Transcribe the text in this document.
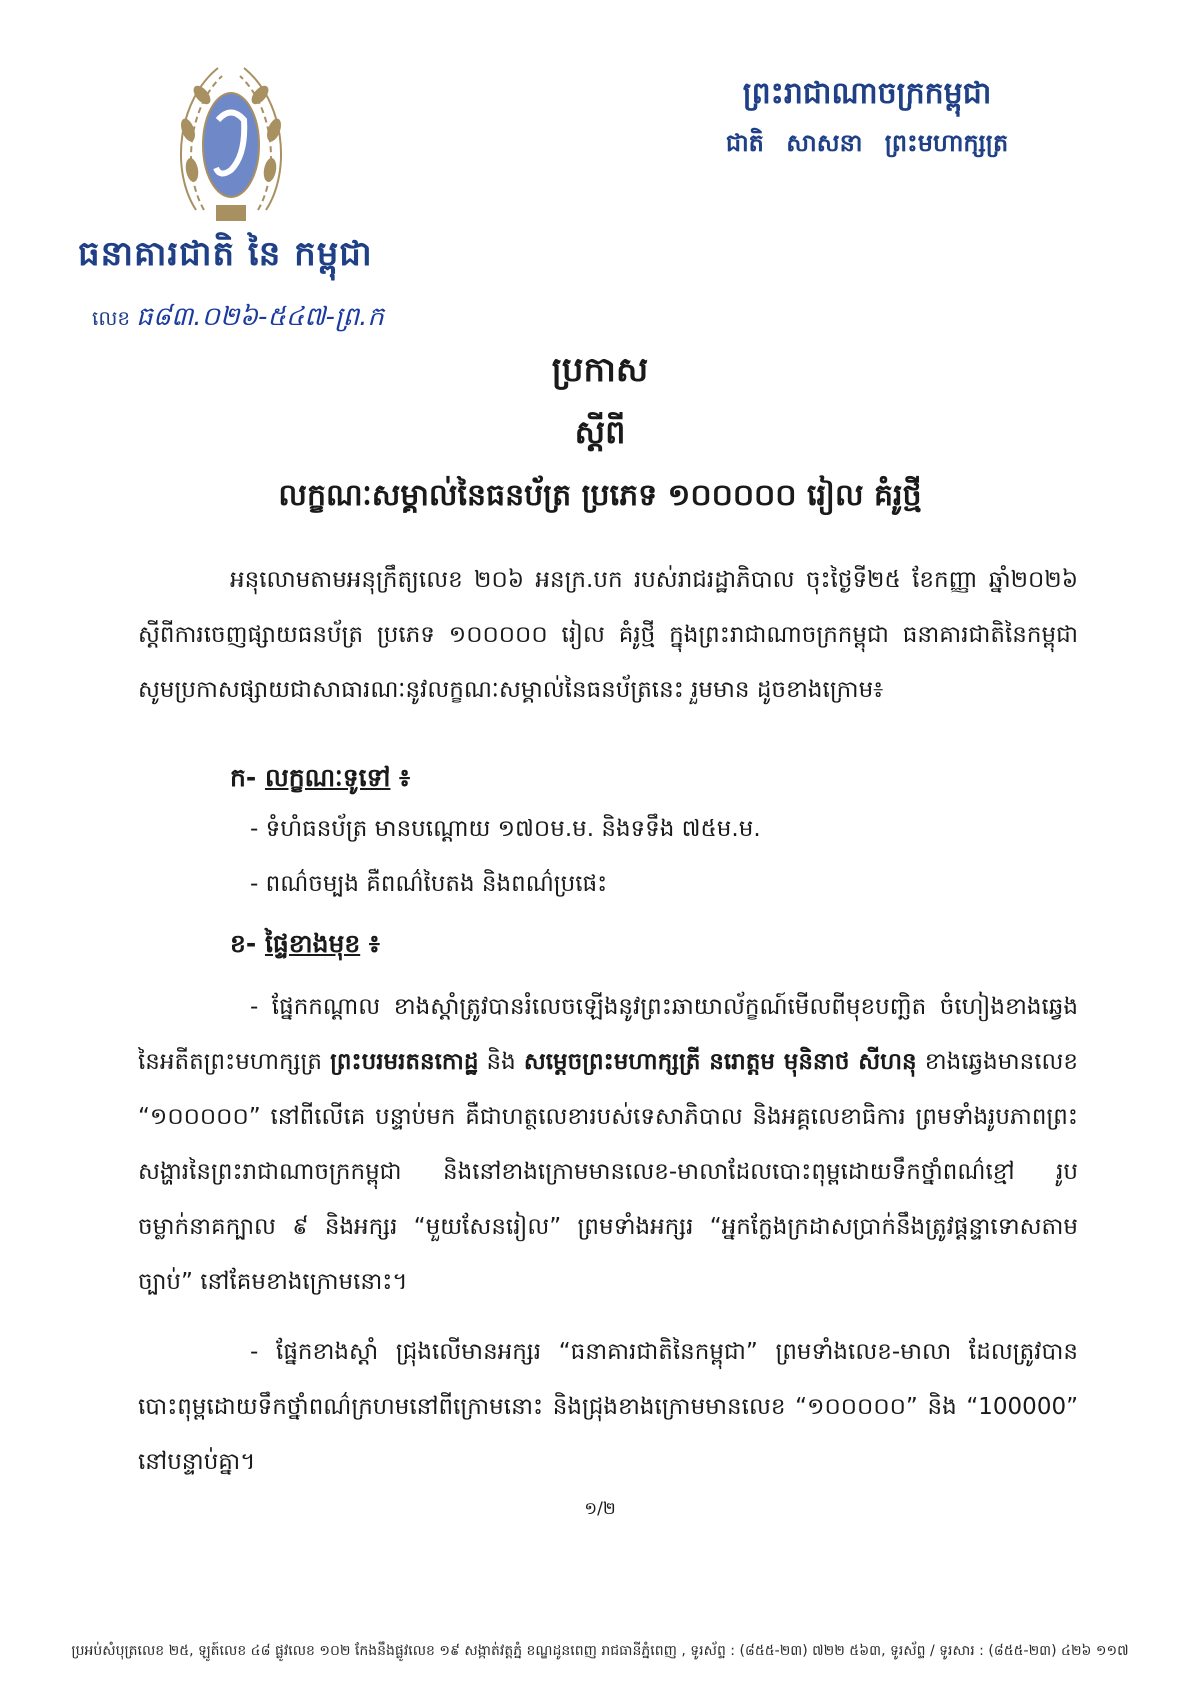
ធនាគារជាតិ នៃ កម្ពុជា
លេខ ធ៨៣.០២៦-៥៤៧-ព្រ.ក
ព្រះរាជាណាចក្រកម្ពុជា
ជាតិ សាសនា ព្រះមហាក្សត្រ
ប្រកាស
ស្តីពី
លក្ខណៈសម្គាល់នៃធនប័ត្រ ប្រភេទ ១០០០០០ រៀល គំរូថ្មី
អនុលោមតាមអនុក្រឹត្យលេខ ២០៦ អនក្រ.បក របស់រាជរដ្ឋាភិបាល ចុះថ្ងៃទី២៥ ខែកញ្ញា ឆ្នាំ២០២៦ ស្តីពីការចេញផ្សាយធនប័ត្រ ប្រភេទ ១០០០០០ រៀល គំរូថ្មី ក្នុងព្រះរាជាណាចក្រកម្ពុជា ធនាគារជាតិនៃកម្ពុជា សូមប្រកាសផ្សាយជាសាធារណៈនូវលក្ខណៈសម្គាល់នៃធនប័ត្រនេះ រួមមាន ដូចខាងក្រោម៖
ក- លក្ខណៈទូទៅ ៖
- ទំហំធនប័ត្រ មានបណ្តោយ ១៧០ម.ម. និងទទឹង ៧៥ម.ម.
- ពណ៌ចម្បង គឺពណ៌បៃតង និងពណ៌ប្រផេះ
ខ- ផ្ទៃខាងមុខ ៖
- ផ្នែកកណ្តាល ខាងស្តាំត្រូវបានរំលេចឡើងនូវព្រះឆាយាល័ក្ខណ៍មើលពីមុខបញ្ឆិត ចំហៀងខាងឆ្វេងនៃអតីតព្រះមហាក្សត្រ ព្រះបរមរតនកោដ្ឋ និង សម្តេចព្រះមហាក្សត្រី នរោត្តម មុនិនាថ សីហនុ ខាងឆ្វេងមានលេខ “១០០០០០” នៅពីលើគេ បន្ទាប់មក គឺជាហត្ថលេខារបស់ទេសាភិបាល និងអគ្គលេខាធិការ ព្រមទាំងរូបភាពព្រះសង្ហារនៃព្រះរាជាណាចក្រកម្ពុជា និងនៅខាងក្រោមមានលេខ-មាលាដែលបោះពុម្ពដោយទឹកថ្នាំពណ៌ខ្មៅ រូបចម្លាក់នាគក្បាល ៩ និងអក្សរ “មួយសែនរៀល” ព្រមទាំងអក្សរ “អ្នកក្លែងក្រដាសប្រាក់នឹងត្រូវផ្តន្ទាទោសតាមច្បាប់” នៅគែមខាងក្រោមនោះ។
- ផ្នែកខាងស្តាំ ជ្រុងលើមានអក្សរ “ធនាគារជាតិនៃកម្ពុជា” ព្រមទាំងលេខ-មាលា ដែលត្រូវបានបោះពុម្ពដោយទឹកថ្នាំពណ៌ក្រហមនៅពីក្រោមនោះ និងជ្រុងខាងក្រោមមានលេខ “១០០០០០” និង “100000” នៅបន្ទាប់គ្នា។
១/២
ប្រអប់សំបុត្រលេខ ២៥, ឡូត៍លេខ ៤៨ ផ្លូវលេខ ១០២ កែងនឹងផ្លូវលេខ ១៩ សង្កាត់វត្តភ្នំ ខណ្ឌដូនពេញ រាជធានីភ្នំពេញ , ទូរស័ព្ទ : (៨៥៥-២៣) ៧២២ ៥៦៣, ទូរស័ព្ទ / ទូរសារ : (៨៥៥-២៣) ៤២៦ ១១៧
